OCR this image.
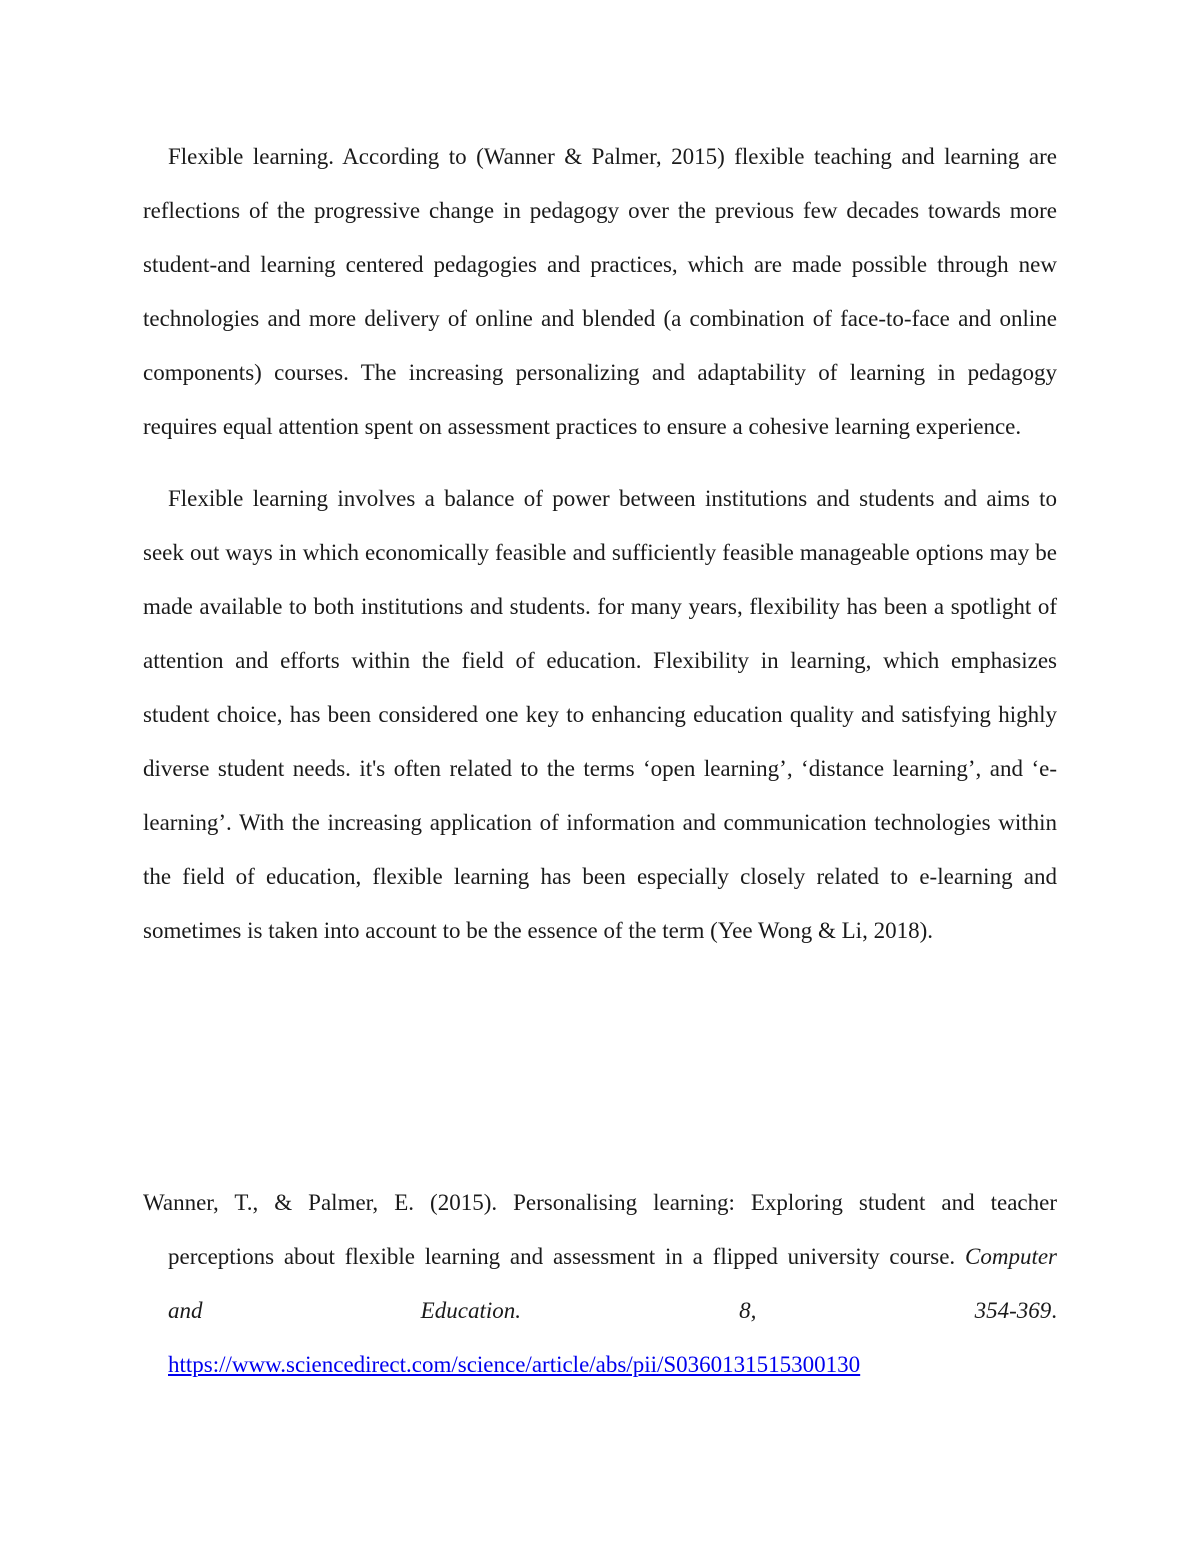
Flexible learning. According to (Wanner & Palmer, 2015) flexible teaching and learning are reflections of the progressive change in pedagogy over the previous few decades towards more student-and learning centered pedagogies and practices, which are made possible through new technologies and more delivery of online and blended (a combination of face-to-face and online components) courses. The increasing personalizing and adaptability of learning in pedagogy requires equal attention spent on assessment practices to ensure a cohesive learning experience.

Flexible learning involves a balance of power between institutions and students and aims to seek out ways in which economically feasible and sufficiently feasible manageable options may be made available to both institutions and students. for many years, flexibility has been a spotlight of attention and efforts within the field of education. Flexibility in learning, which emphasizes student choice, has been considered one key to enhancing education quality and satisfying highly diverse student needs. it's often related to the terms ‘open learning’, ‘distance learning’, and ‘e-learning’. With the increasing application of information and communication technologies within the field of education, flexible learning has been especially closely related to e-learning and sometimes is taken into account to be the essence of the term (Yee Wong & Li, 2018).

Wanner, T., & Palmer, E. (2015). Personalising learning: Exploring student and teacher
perceptions about flexible learning and assessment in a flipped university course. Computer
and Education. 8, 354-369.
https://www.sciencedirect.com/science/article/abs/pii/S0360131515300130
